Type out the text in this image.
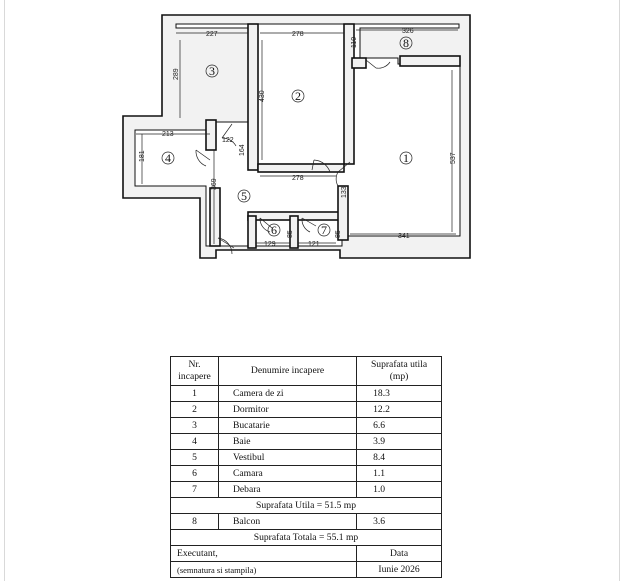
227	278	326
110
289
430
537
213
181
122
164
278
369
133
129	121
341
85	85
3
2
8
1
4
5
6	7
Nr. incapere	Denumire incapere	Suprafata utila (mp)
1	Camera de zi	18.3
2	Dormitor	12.2
3	Bucatarie	6.6
4	Baie	3.9
5	Vestibul	8.4
6	Camara	1.1
7	Debara	1.0
Suprafata Utila = 51.5 mp		
8	Balcon	3.6
Suprafata Totala = 55.1 mp		
Executant,		Data
(semnatura si stampila)		Iunie 2026
